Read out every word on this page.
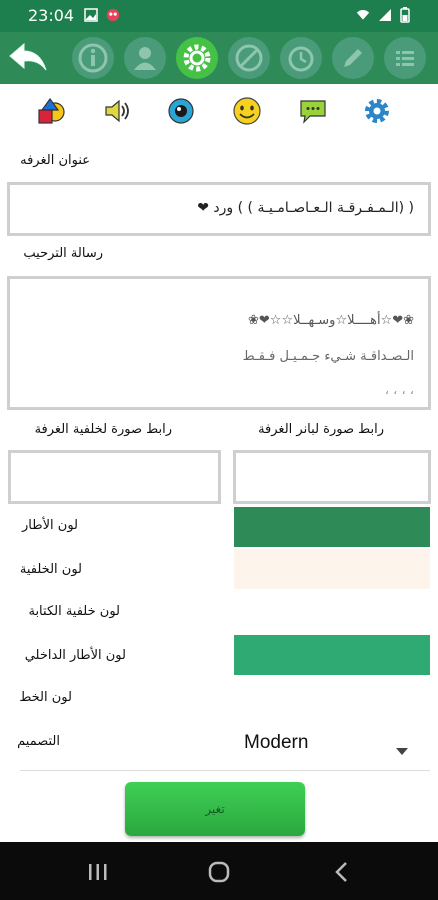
23:04
عنوان الغرفه
( (الـمـفـرقـة الـعـاصـامـيـة ) ) ورد ❤
رسالة الترحيب
❀❤☆أهــــلا☆وسـهــلا☆☆❤❀
الـصـداقـة شـيء جـمـيـل فـقـط
، ، ، ،
رابط صورة لبانر الغرفة
رابط صورة لخلفية الغرفة
لون الأطار
لون الخلفية
لون خلفية الكتابة
لون الأطار الداخلي
لون الخط
التصميم	Modern
تغير
